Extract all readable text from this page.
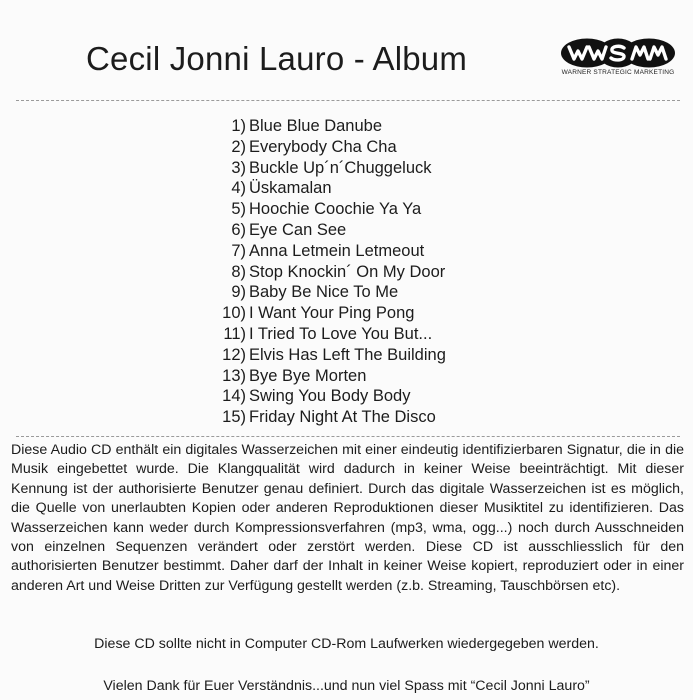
Cecil Jonni Lauro - Album	WARNER STRATEGIC MARKETING
1) Blue Blue Danube
2) Everybody Cha Cha
3) Buckle Up´n´Chuggeluck
4) Üskamalan
5) Hoochie Coochie Ya Ya
6) Eye Can See
7) Anna Letmein Letmeout
8) Stop Knockin´ On My Door
9) Baby Be Nice To Me
10) I Want Your Ping Pong
11) I Tried To Love You But...
12) Elvis Has Left The Building
13) Bye Bye Morten
14) Swing You Body Body
15) Friday Night At The Disco

Diese Audio CD enthält ein digitales Wasserzeichen mit einer eindeutig identifizierbaren Signatur, die in die Musik eingebettet wurde. Die Klangqualität wird dadurch in keiner Weise beeinträchtigt. Mit dieser Kennung ist der authorisierte Benutzer genau definiert. Durch das digitale Wasserzeichen ist es möglich, die Quelle von unerlaubten Kopien oder anderen Reproduktionen dieser Musiktitel zu identifizieren. Das Wasserzeichen kann weder durch Kompressionsverfahren (mp3, wma, ogg...) noch durch Ausschneiden von einzelnen Sequenzen verändert oder zerstört werden. Diese CD ist ausschliesslich für den authorisierten Benutzer bestimmt. Daher darf der Inhalt in keiner Weise kopiert, reproduziert oder in einer anderen Art und Weise Dritten zur Verfügung gestellt werden (z.b. Streaming, Tauschbörsen etc).

Diese CD sollte nicht in Computer CD-Rom Laufwerken wiedergegeben werden.

Vielen Dank für Euer Verständnis...und nun viel Spass mit “Cecil Jonni Lauro”
